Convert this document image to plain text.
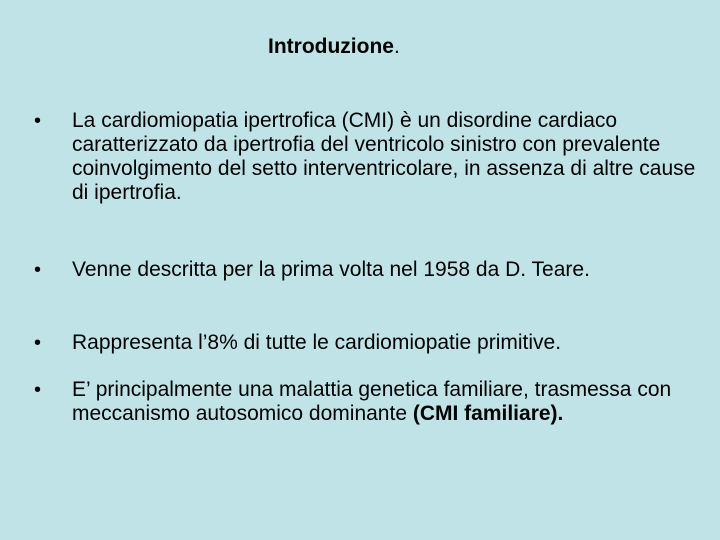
Introduzione.
• La cardiomiopatia ipertrofica (CMI) è un disordine cardiaco caratterizzato da ipertrofia del ventricolo sinistro con prevalente coinvolgimento del setto interventricolare, in assenza di altre cause di ipertrofia.
• Venne descritta per la prima volta nel 1958 da D. Teare.
• Rappresenta l’8% di tutte le cardiomiopatie primitive.
• E’ principalmente una malattia genetica familiare, trasmessa con meccanismo autosomico dominante (CMI familiare).
